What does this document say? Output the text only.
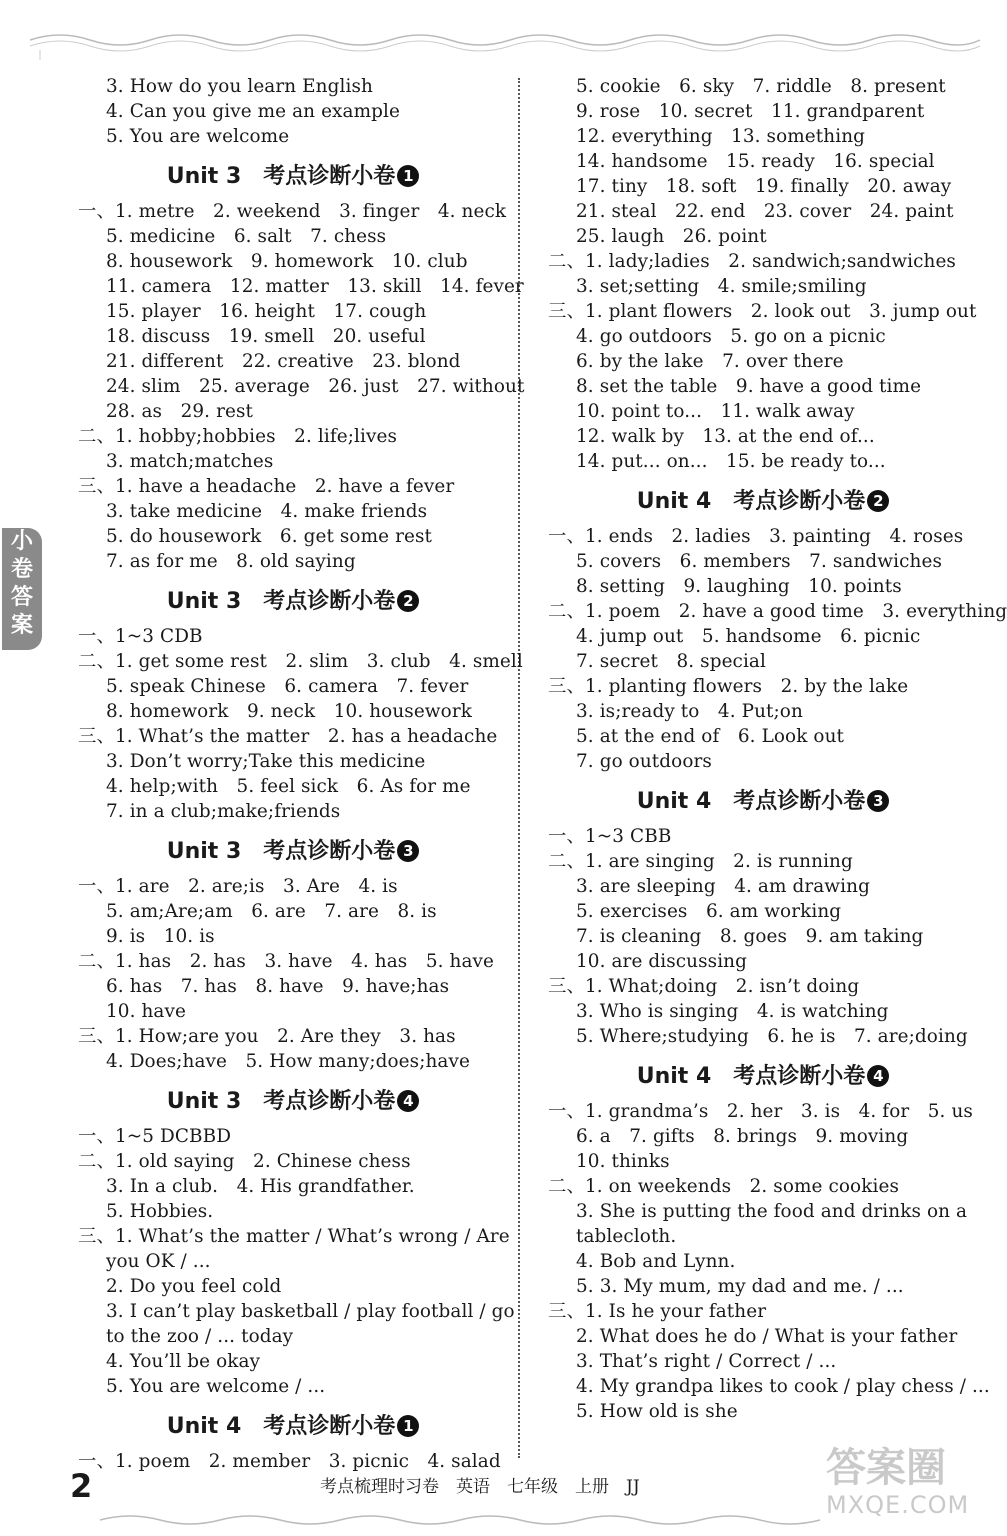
小
卷
答
案
3. How do you learn English
4. Can you give me an example
5. You are welcome
Unit 3　考点诊断小卷 1
一、1. metre　2. weekend　3. finger　4. neck
5. medicine　6. salt　7. chess
8. housework　9. homework　10. club
11. camera　12. matter　13. skill　14. fever
15. player　16. height　17. cough
18. discuss　19. smell　20. useful
21. different　22. creative　23. blond
24. slim　25. average　26. just　27. without
28. as　29. rest
二、1. hobby;hobbies　2. life;lives
3. match;matches
三、1. have a headache　2. have a fever
3. take medicine　4. make friends
5. do housework　6. get some rest
7. as for me　8. old saying
Unit 3　考点诊断小卷 2
一、1~3 CDB
二、1. get some rest　2. slim　3. club　4. smell
5. speak Chinese　6. camera　7. fever
8. homework　9. neck　10. housework
三、1. What’s the matter　2. has a headache
3. Don’t worry;Take this medicine
4. help;with　5. feel sick　6. As for me
7. in a club;make;friends
Unit 3　考点诊断小卷 3
一、1. are　2. are;is　3. Are　4. is
5. am;Are;am　6. are　7. are　8. is
9. is　10. is
二、1. has　2. has　3. have　4. has　5. have
6. has　7. has　8. have　9. have;has
10. have
三、1. How;are you　2. Are they　3. has
4. Does;have　5. How many;does;have
Unit 3　考点诊断小卷 4
一、1~5 DCBBD
二、1. old saying　2. Chinese chess
3. In a club.　4. His grandfather.
5. Hobbies.
三、1. What’s the matter / What’s wrong / Are
you OK / ...
2. Do you feel cold
3. I can’t play basketball / play football / go
to the zoo / ... today
4. You’ll be okay
5. You are welcome / ...
Unit 4　考点诊断小卷 1
一、1. poem　2. member　3. picnic　4. salad
5. cookie　6. sky　7. riddle　8. present
9. rose　10. secret　11. grandparent
12. everything　13. something
14. handsome　15. ready　16. special
17. tiny　18. soft　19. finally　20. away
21. steal　22. end　23. cover　24. paint
25. laugh　26. point
二、1. lady;ladies　2. sandwich;sandwiches
3. set;setting　4. smile;smiling
三、1. plant flowers　2. look out　3. jump out
4. go outdoors　5. go on a picnic
6. by the lake　7. over there
8. set the table　9. have a good time
10. point to...　11. walk away
12. walk by　13. at the end of...
14. put... on...　15. be ready to...
Unit 4　考点诊断小卷 2
一、1. ends　2. ladies　3. painting　4. roses
5. covers　6. members　7. sandwiches
8. setting　9. laughing　10. points
二、1. poem　2. have a good time　3. everything
4. jump out　5. handsome　6. picnic
7. secret　8. special
三、1. planting flowers　2. by the lake
3. is;ready to　4. Put;on
5. at the end of　6. Look out
7. go outdoors
Unit 4　考点诊断小卷 3
一、1~3 CBB
二、1. are singing　2. is running
3. are sleeping　4. am drawing
5. exercises　6. am working
7. is cleaning　8. goes　9. am taking
10. are discussing
三、1. What;doing　2. isn’t doing
3. Who is singing　4. is watching
5. Where;studying　6. he is　7. are;doing
Unit 4　考点诊断小卷 4
一、1. grandma’s　2. her　3. is　4. for　5. us
6. a　7. gifts　8. brings　9. moving
10. thinks
二、1. on weekends　2. some cookies
3. She is putting the food and drinks on a
tablecloth.
4. Bob and Lynn.
5. 3. My mum, my dad and me. / ...
三、1. Is he your father
2. What does he do / What is your father
3. That’s right / Correct / ...
4. My grandpa likes to cook / play chess / ...
5. How old is she
2	考点梳理时习卷　英语　七年级　上册　JJ	答案圈
MXQE.COM
